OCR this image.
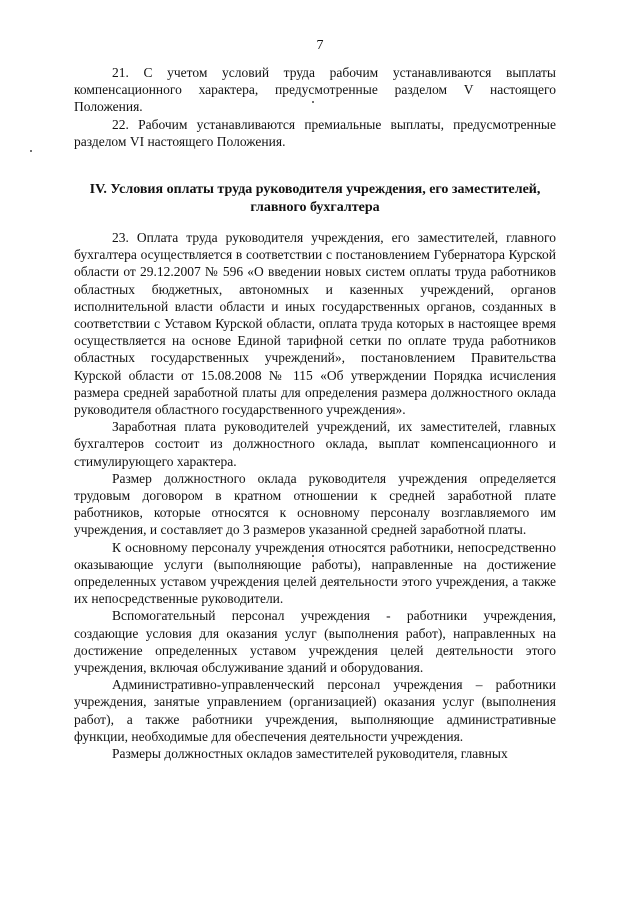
7

21. С учетом условий труда рабочим устанавливаются выплаты компенсационного характера, предусмотренные разделом V настоящего Положения.

22. Рабочим устанавливаются премиальные выплаты, предусмотренные разделом VI настоящего Положения.

IV. Условия оплаты труда руководителя учреждения, его заместителей, главного бухгалтера

23. Оплата труда руководителя учреждения, его заместителей, главного бухгалтера осуществляется в соответствии с постановлением Губернатора Курской области от 29.12.2007 № 596 «О введении новых систем оплаты труда работников областных бюджетных, автономных и казенных учреждений, органов исполнительной власти области и иных государственных органов, созданных в соответствии с Уставом Курской области, оплата труда которых в настоящее время осуществляется на основе Единой тарифной сетки по оплате труда работников областных государственных учреждений», постановлением Правительства Курской области от 15.08.2008 № 115 «Об утверждении Порядка исчисления размера средней заработной платы для определения размера должностного оклада руководителя областного государственного учреждения».

Заработная плата руководителей учреждений, их заместителей, главных бухгалтеров состоит из должностного оклада, выплат компенсационного и стимулирующего характера.

Размер должностного оклада руководителя учреждения определяется трудовым договором в кратном отношении к средней заработной плате работников, которые относятся к основному персоналу возглавляемого им учреждения, и составляет до 3 размеров указанной средней заработной платы.

К основному персоналу учреждения относятся работники, непосредственно оказывающие услуги (выполняющие работы), направленные на достижение определенных уставом учреждения целей деятельности этого учреждения, а также их непосредственные руководители.

Вспомогательный персонал учреждения - работники учреждения, создающие условия для оказания услуг (выполнения работ), направленных на достижение определенных уставом учреждения целей деятельности этого учреждения, включая обслуживание зданий и оборудования.

Административно-управленческий персонал учреждения – работники учреждения, занятые управлением (организацией) оказания услуг (выполнения работ), а также работники учреждения, выполняющие административные функции, необходимые для обеспечения деятельности учреждения.

Размеры должностных окладов заместителей руководителя, главных
